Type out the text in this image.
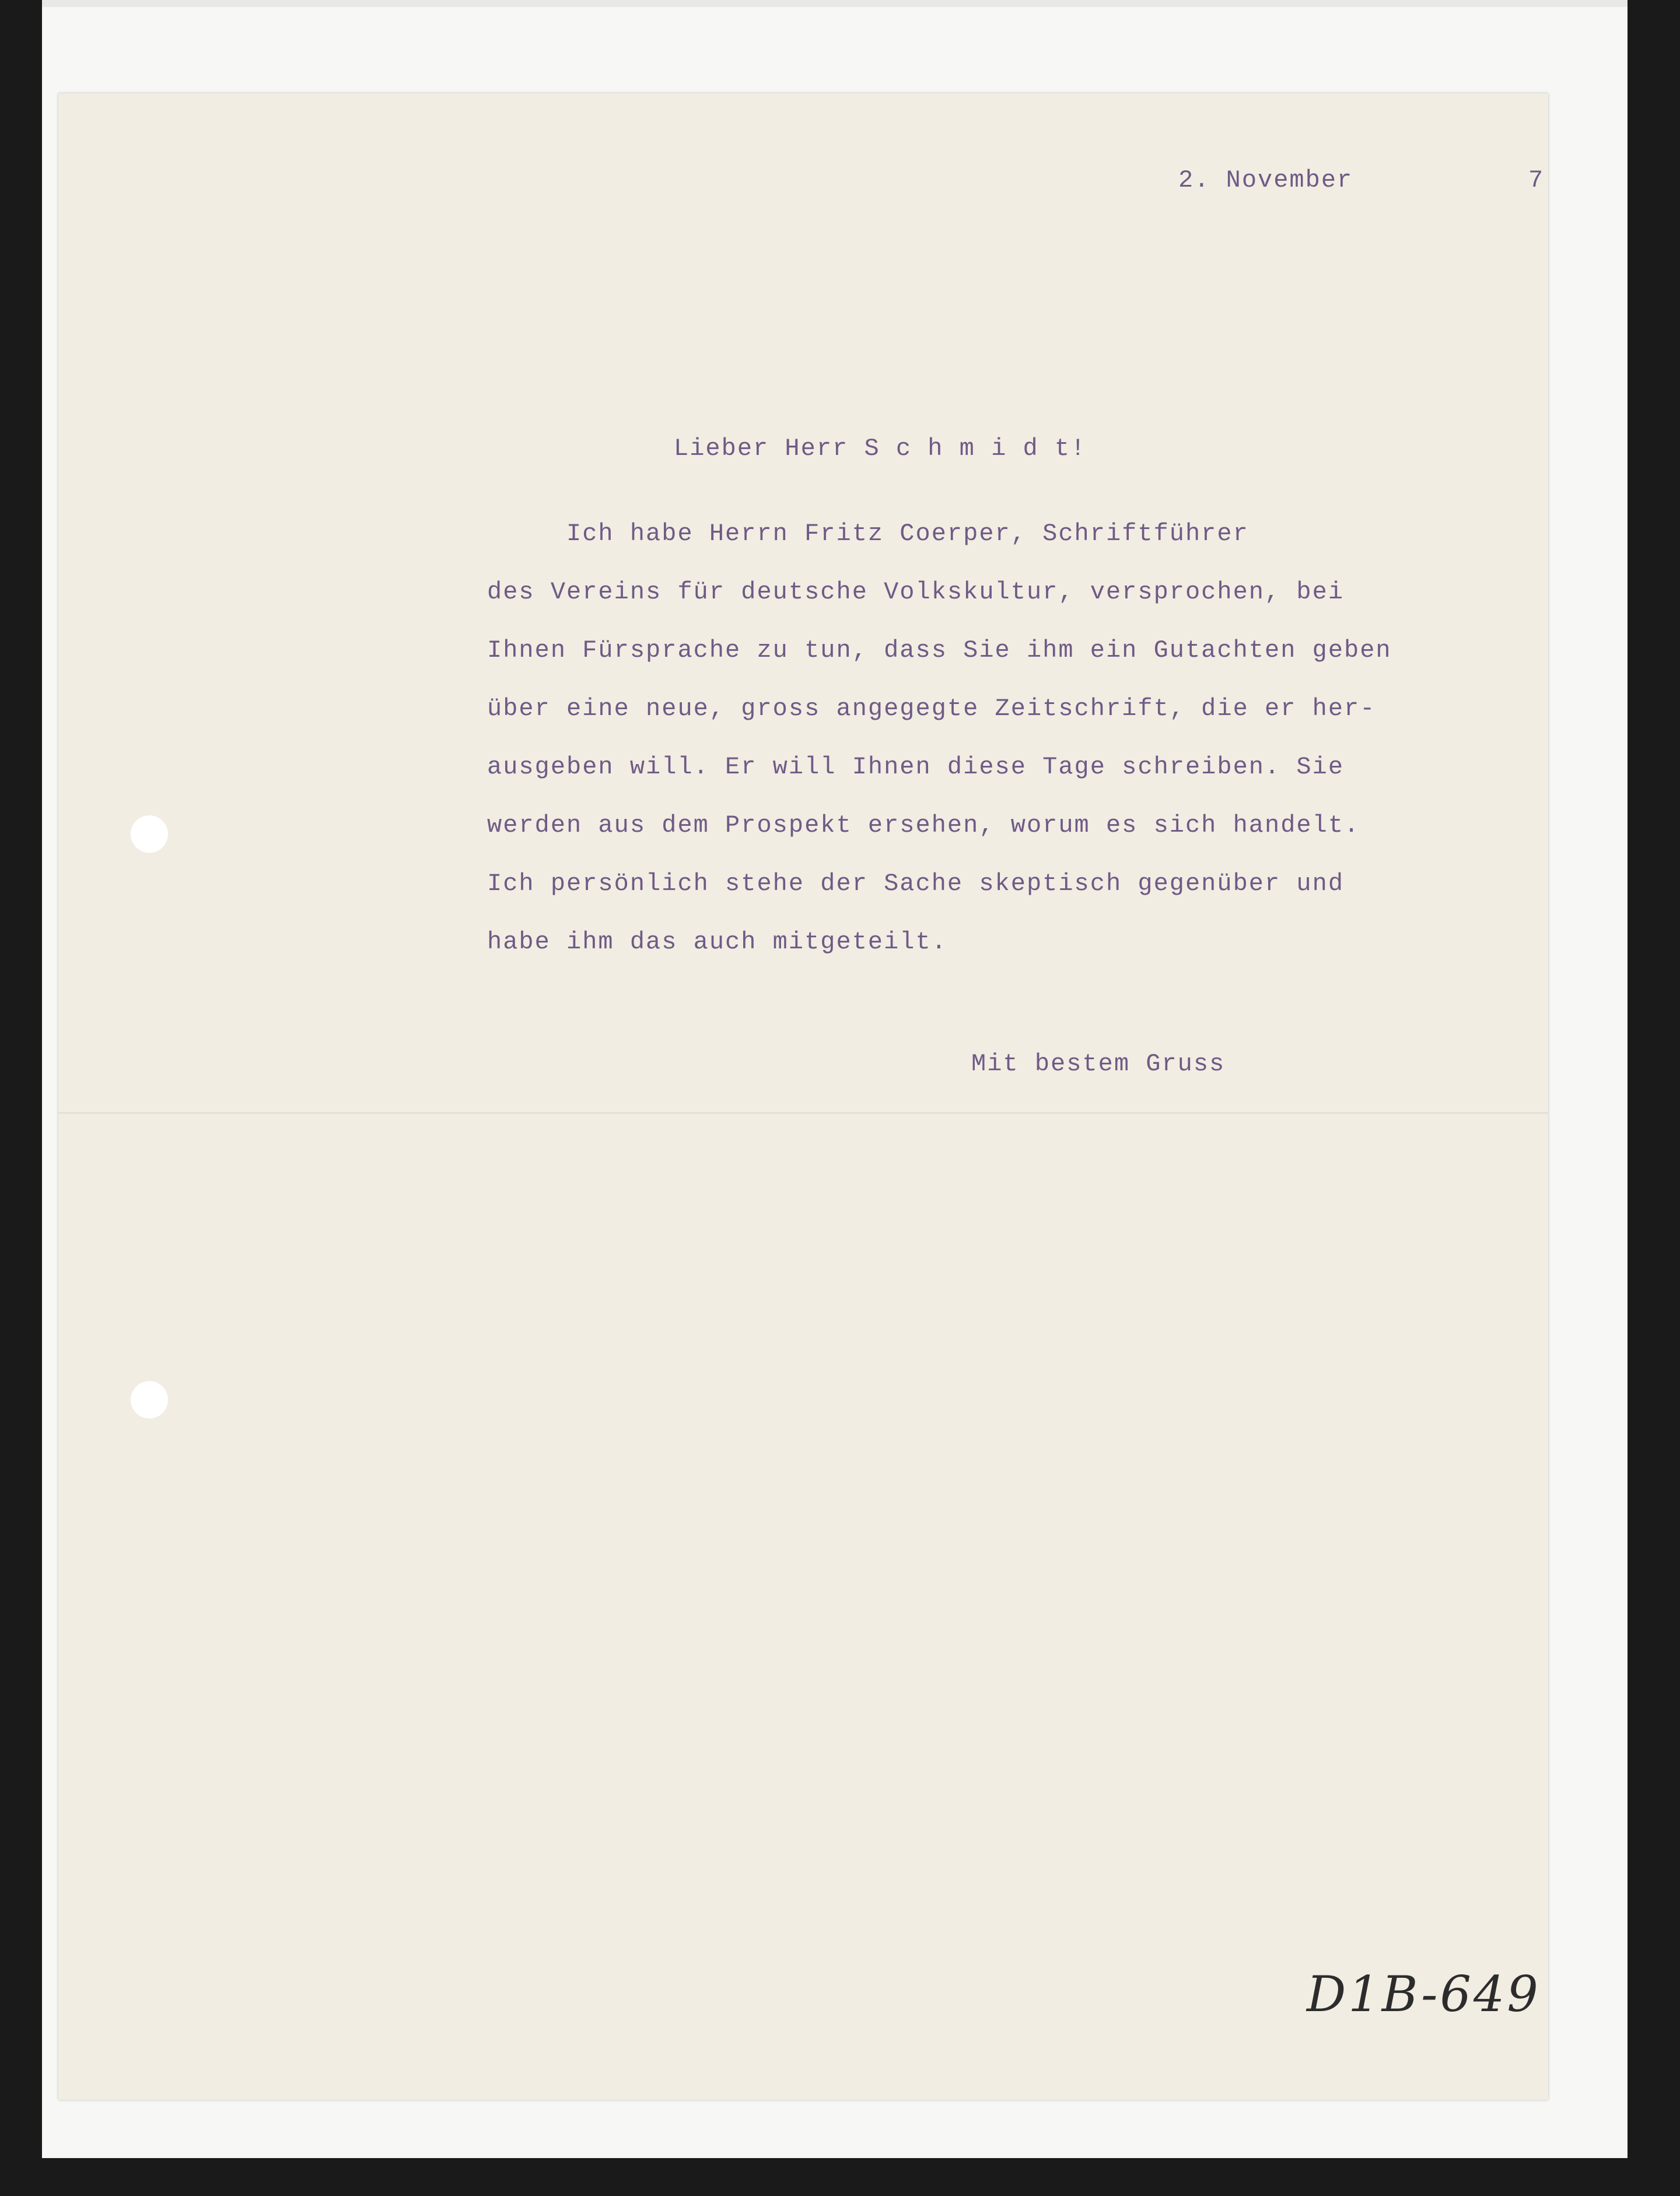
2. November	7
Lieber Herr S c h m i d t!
Ich habe Herrn Fritz Coerper, Schriftführer
des Vereins für deutsche Volkskultur, versprochen, bei
Ihnen Fürsprache zu tun, dass Sie ihm ein Gutachten geben
über eine neue, gross angegegte Zeitschrift, die er her-
ausgeben will. Er will Ihnen diese Tage schreiben. Sie
werden aus dem Prospekt ersehen, worum es sich handelt.
Ich persönlich stehe der Sache skeptisch gegenüber und
habe ihm das auch mitgeteilt.
Mit bestem Gruss
D1B-649
